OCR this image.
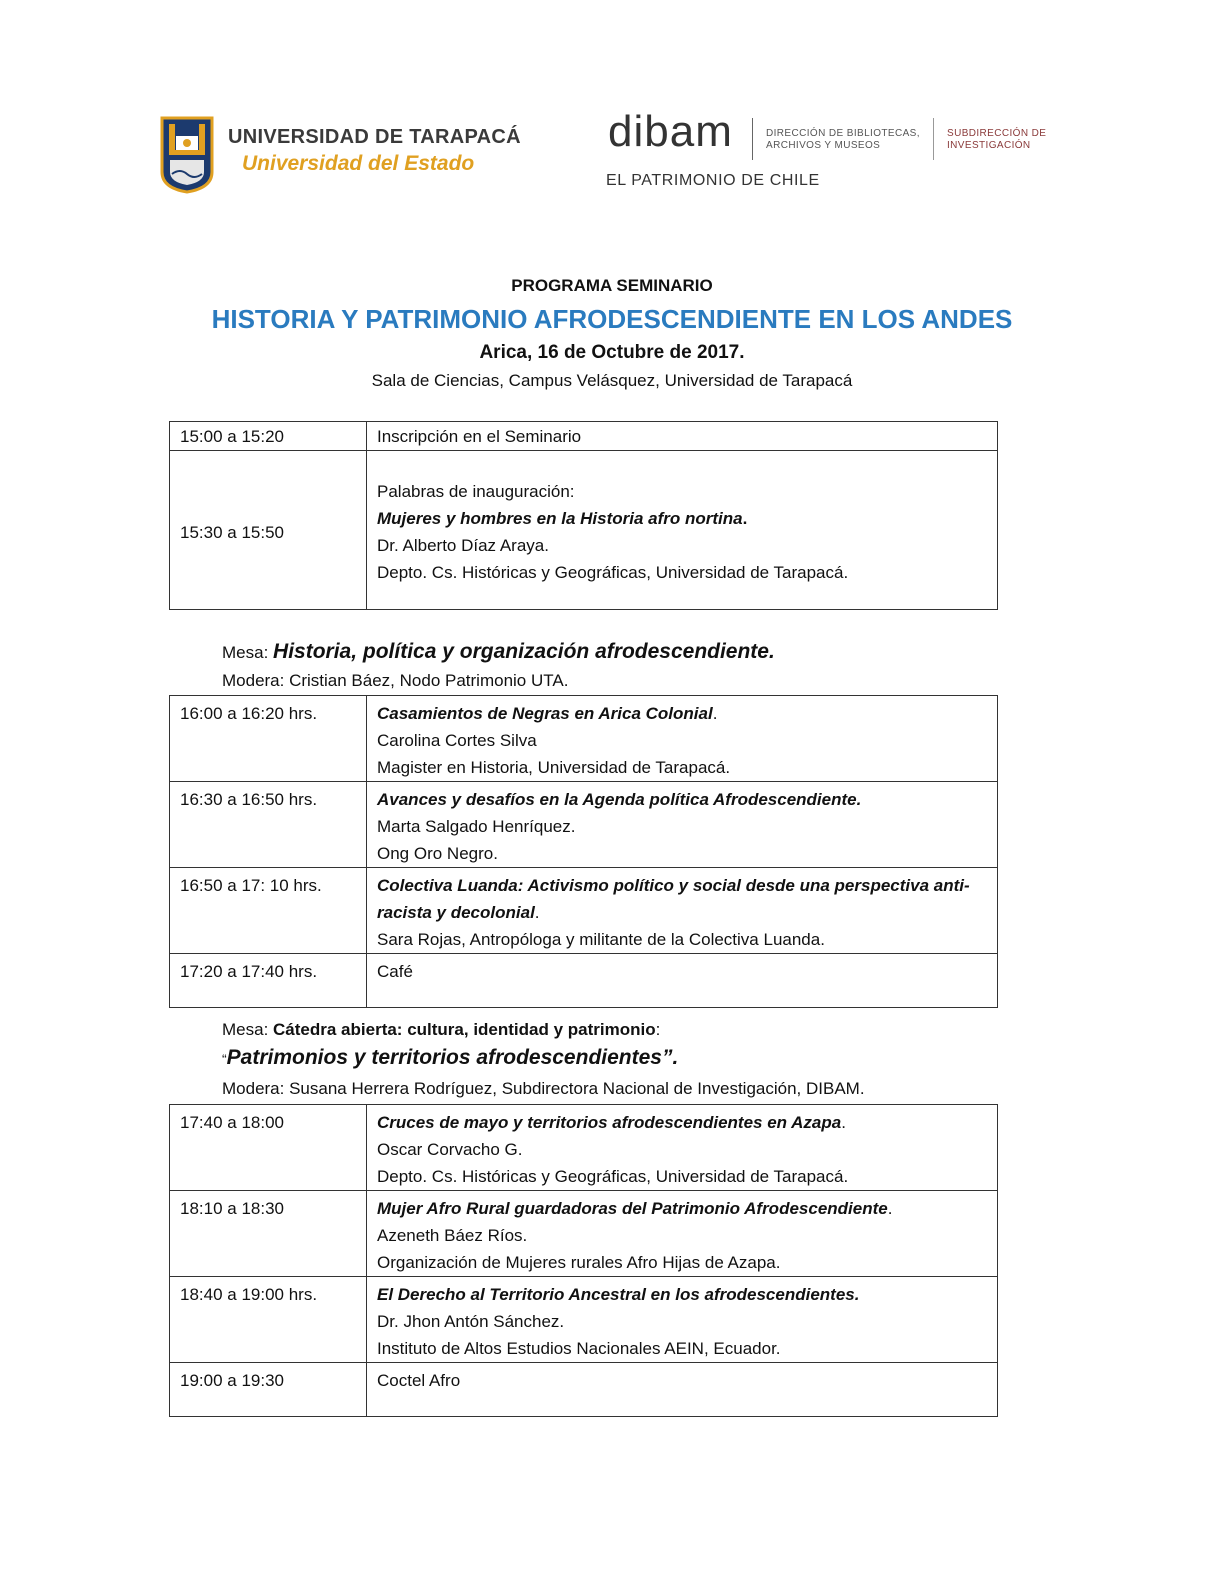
UNIVERSIDAD DE TARAPACÁ
Universidad del Estado
dibam	DIRECCIÓN DE BIBLIOTECAS,
ARCHIVOS Y MUSEOS
SUBDIRECCIÓN DE
INVESTIGACIÓN
EL PATRIMONIO DE CHILE
PROGRAMA SEMINARIO
HISTORIA Y PATRIMONIO AFRODESCENDIENTE EN LOS ANDES
Arica, 16 de Octubre de 2017.
Sala de Ciencias, Campus Velásquez, Universidad de Tarapacá
15:00 a 15:20	Inscripción en el Seminario
15:30 a 15:50	Palabras de inauguración:
Mujeres y hombres en la Historia afro nortina.
Dr. Alberto Díaz Araya.
Depto. Cs. Históricas y Geográficas, Universidad de Tarapacá.
Mesa: Historia, política y organización afrodescendiente.
Modera: Cristian Báez, Nodo Patrimonio UTA.
16:00 a 16:20 hrs.	Casamientos de Negras en Arica Colonial.
Carolina Cortes Silva
Magister en Historia, Universidad de Tarapacá.

16:30 a 16:50 hrs.	Avances y desafíos en la Agenda política Afrodescendiente.
Marta Salgado Henríquez.
Ong Oro Negro.

16:50 a 17: 10 hrs.	Colectiva Luanda: Activismo político y social desde una perspectiva anti-racista y decolonial.
Sara Rojas, Antropóloga y militante de la Colectiva Luanda.

17:20 a 17:40 hrs.	Café
Mesa: Cátedra abierta: cultura, identidad y patrimonio:
“Patrimonios y territorios afrodescendientes”.
Modera: Susana Herrera Rodríguez, Subdirectora Nacional de Investigación, DIBAM.
17:40 a 18:00	Cruces de mayo y territorios afrodescendientes en Azapa.
Oscar Corvacho G.
Depto. Cs. Históricas y Geográficas, Universidad de Tarapacá.

18:10 a 18:30	Mujer Afro Rural guardadoras del Patrimonio Afrodescendiente.
Azeneth Báez Ríos.
Organización de Mujeres rurales Afro Hijas de Azapa.

18:40 a 19:00 hrs.	El Derecho al Territorio Ancestral en los afrodescendientes.
Dr. Jhon Antón Sánchez.
Instituto de Altos Estudios Nacionales AEIN, Ecuador.

19:00 a 19:30	Coctel Afro
